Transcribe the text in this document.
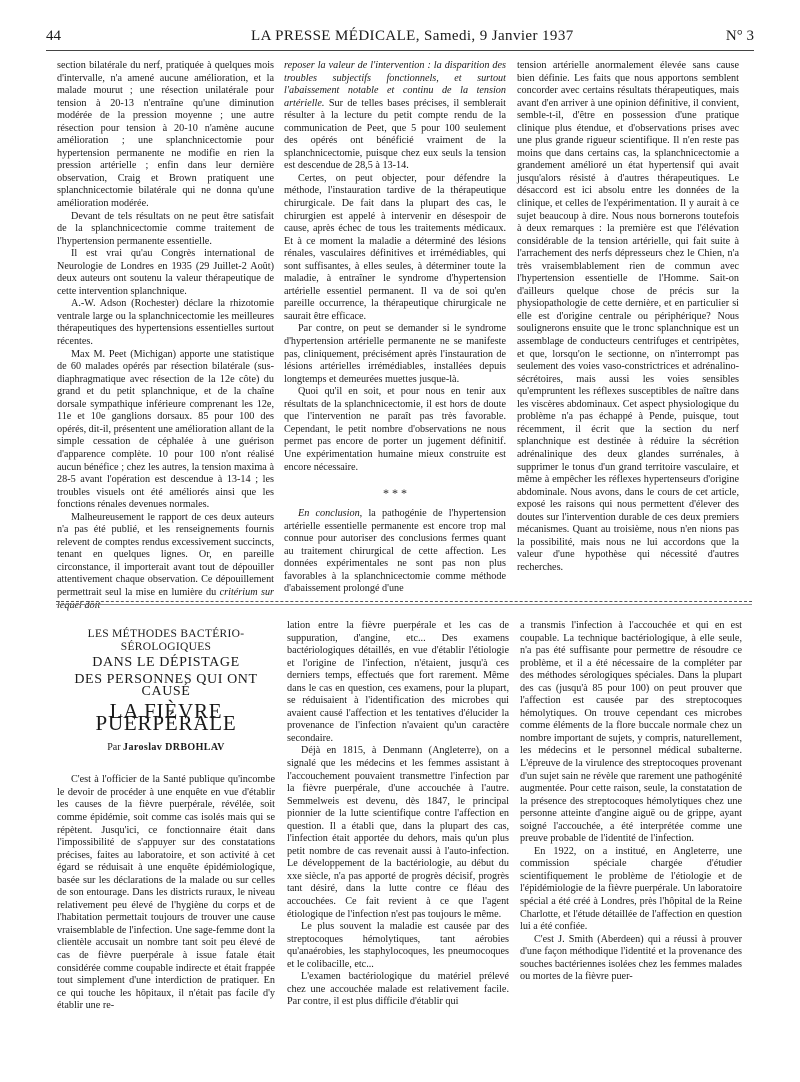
44	LA PRESSE MÉDICALE, Samedi, 9 Janvier 1937	N° 3

section bilatérale du nerf, pratiquée à quelques mois d'intervalle, n'a amené aucune amélioration, et la malade mourut ; une résection unilatérale pour tension à 20-13 n'entraîne qu'une diminution modérée de la pression moyenne ; une autre résection pour tension à 20-10 n'amène aucune amélioration ; une splanchnicectomie pour hypertension permanente ne modifie en rien la pression artérielle ; enfin dans leur dernière observation, Craig et Brown pratiquent une splanchnicectomie bilatérale qui ne donna qu'une amélioration modérée.

Devant de tels résultats on ne peut être satisfait de la splanchnicectomie comme traitement de l'hypertension permanente essentielle.

Il est vrai qu'au Congrès international de Neurologie de Londres en 1935 (29 Juillet-2 Août) deux auteurs ont soutenu la valeur thérapeutique de cette intervention splanchnique.

A.-W. Adson (Rochester) déclare la rhizotomie ventrale large ou la splanchnicectomie les meilleures thérapeutiques des hypertensions essentielles surtout récentes.

Max M. Peet (Michigan) apporte une statistique de 60 malades opérés par résection bilatérale (sus-diaphragmatique avec résection de la 12e côte) du grand et du petit splanchnique, et de la chaîne dorsale sympathique inférieure comprenant les 12e, 11e et 10e ganglions dorsaux. 85 pour 100 des opérés, dit-il, présentent une amélioration allant de la simple cessation de céphalée à une guérison d'apparence complète. 10 pour 100 n'ont réalisé aucun bénéfice ; chez les autres, la tension maxima à 28-5 avant l'opération est descendue à 13-14 ; les troubles visuels ont été améliorés ainsi que les fonctions rénales devenues normales.

Malheureusement le rapport de ces deux auteurs n'a pas été publié, et les renseignements fournis relevent de comptes rendus excessivement succincts, tenant en quelques lignes. Or, en pareille circonstance, il importerait avant tout de dépouiller attentivement chaque observation. Ce dépouillement permettrait seul la mise en lumière du critérium sur lequel doit

reposer la valeur de l'intervention : la disparition des troubles subjectifs fonctionnels, et surtout l'abaissement notable et continu de la tension artérielle. Sur de telles bases précises, il semblerait résulter à la lecture du petit compte rendu de la communication de Peet, que 5 pour 100 seulement des opérés ont bénéficié vraiment de la splanchnicectomie, puisque chez eux seuls la tension est descendue de 28,5 à 13-14.

Certes, on peut objecter, pour défendre la méthode, l'instauration tardive de la thérapeutique chirurgicale. De fait dans la plupart des cas, le chirurgien est appelé à intervenir en désespoir de cause, après échec de tous les traitements médicaux. Et à ce moment la maladie a déterminé des lésions rénales, vasculaires définitives et irrémédiables, qui sont suffisantes, à elles seules, à déterminer toute la maladie, à entraîner le syndrome d'hypertension artérielle essentiel permanent. Il va de soi qu'en pareille occurrence, la thérapeutique chirurgicale ne saurait être efficace.

Par contre, on peut se demander si le syndrome d'hypertension artérielle permanente ne se manifeste pas, cliniquement, précisément après l'instauration de lésions artérielles irrémédiables, installées depuis longtemps et demeurées muettes jusque-là.

Quoi qu'il en soit, et pour nous en tenir aux résultats de la splanchnicectomie, il est hors de doute que l'intervention ne paraît pas très favorable. Cependant, le petit nombre d'observations ne nous permet pas encore de porter un jugement définitif. Une expérimentation humaine mieux construite est encore nécessaire.

* * *

En conclusion, la pathogénie de l'hypertension artérielle essentielle permanente est encore trop mal connue pour autoriser des conclusions fermes quant au traitement chirurgical de cette affection. Les données expérimentales ne sont pas non plus favorables à la splanchnicectomie comme méthode d'abaissement prolongé d'une

tension artérielle anormalement élevée sans cause bien définie. Les faits que nous apportons semblent concorder avec certains résultats thérapeutiques, mais avant d'en arriver à une opinion définitive, il convient, semble-t-il, d'être en possession d'une pratique clinique plus étendue, et d'observations prises avec une plus grande rigueur scientifique. Il n'en reste pas moins que dans certains cas, la splanchnicectomie a grandement amélioré un état hypertensif qui avait jusqu'alors résisté à d'autres thérapeutiques. Le désaccord est ici absolu entre les données de la clinique, et celles de l'expérimentation. Il y aurait à ce sujet beaucoup à dire. Nous nous bornerons toutefois à deux remarques : la première est que l'élévation considérable de la tension artérielle, qui fait suite à l'arrachement des nerfs dépresseurs chez le Chien, n'a très vraisemblablement rien de commun avec l'hypertension essentielle de l'Homme. Sait-on d'ailleurs quelque chose de précis sur la physiopathologie de cette dernière, et en particulier si elle est d'origine centrale ou périphérique? Nous soulignerons ensuite que le tronc splanchnique est un assemblage de conducteurs centrifuges et centripètes, et que, lorsqu'on le sectionne, on n'interrompt pas seulement des voies vaso-constrictrices et adrénalino-sécrétoires, mais aussi les voies sensibles qu'empruntent les réflexes susceptibles de naître dans les viscères abdominaux. Cet aspect physiologique du problème n'a pas échappé à Pende, puisque, tout récemment, il écrit que la section du nerf splanchnique est destinée à réduire la sécrétion adrénalinique des deux glandes surrénales, à supprimer le tonus d'un grand territoire vasculaire, et même à empêcher les réflexes hypertenseurs d'origine abdominale. Nous avons, dans le cours de cet article, exposé les raisons qui nous permettent d'élever des doutes sur l'intervention durable de ces deux premiers mécanismes. Quant au troisième, nous n'en nions pas la possibilité, mais nous ne lui accordons que la valeur d'une hypothèse qui nécessité d'autres recherches.

LES MÉTHODES BACTÉRIO-SÉROLOGIQUES
DANS LE DÉPISTAGE
DES PERSONNES QUI ONT CAUSÉ
LA FIÈVRE PUERPÉRALE
Par Jaroslav DRBOHLAV

C'est à l'officier de la Santé publique qu'incombe le devoir de procéder à une enquête en vue d'établir les causes de la fièvre puerpérale, révélée, soit comme épidémie, soit comme cas isolés mais qui se répètent. Jusqu'ici, ce fonctionnaire était dans l'impossibilité de s'appuyer sur des constatations précises, faites au laboratoire, et son activité à cet égard se réduisait à une enquête épidémiologique, basée sur les déclarations de la malade ou sur celles de son entourage. Dans les districts ruraux, le niveau relativement peu élevé de l'hygiène du corps et de l'habitation permettait toujours de trouver une cause vraisemblable de l'infection. Une sage-femme dont la clientèle accusait un nombre tant soit peu élevé de cas de fièvre puerpérale à issue fatale était considérée comme coupable indirecte et était frappée tout simplement d'une interdiction de pratiquer. En ce qui touche les hôpitaux, il n'était pas facile d'y établir une re-

lation entre la fièvre puerpérale et les cas de suppuration, d'angine, etc... Des examens bactériologiques détaillés, en vue d'établir l'étiologie et l'origine de l'infection, n'étaient, jusqu'à ces derniers temps, effectués que fort rarement. Même dans le cas en question, ces examens, pour la plupart, se réduisaient à l'identification des microbes qui avaient causé l'affection et les tentatives d'élucider la provenance de l'infection n'avaient qu'un caractère secondaire.

Déjà en 1815, à Denmann (Angleterre), on a signalé que les médecins et les femmes assistant à l'accouchement pouvaient transmettre l'infection par la fièvre puerpérale, d'une accouchée à l'autre. Semmelweis est devenu, dès 1847, le principal pionnier de la lutte scientifique contre l'affection en question. Il a établi que, dans la plupart des cas, l'infection était apportée du dehors, mais qu'un plus petit nombre de cas revenait aussi à l'auto-infection. Le développement de la bactériologie, au début du xxe siècle, n'a pas apporté de progrès décisif, progrès tant désiré, dans la lutte contre ce fléau des accouchées. Ce fait revient à ce que l'agent étiologique de l'infection n'est pas toujours le même.

Le plus souvent la maladie est causée par des streptocoques hémolytiques, tant aérobies qu'anaérobies, les staphylocoques, les pneumocoques et le colibacille, etc...

L'examen bactériologique du matériel prélevé chez une accouchée malade est relativement facile. Par contre, il est plus difficile d'établir qui

a transmis l'infection à l'accouchée et qui en est coupable. La technique bactériologique, à elle seule, n'a pas été suffisante pour permettre de résoudre ce problème, et il a été nécessaire de la compléter par des méthodes sérologiques spéciales. Dans la plupart des cas (jusqu'à 85 pour 100) on peut prouver que l'affection est causée par des streptocoques hémolytiques. On trouve cependant ces microbes comme éléments de la flore buccale normale chez un nombre important de sujets, y compris, naturellement, les médecins et le personnel médical subalterne. L'épreuve de la virulence des streptocoques provenant d'un sujet sain ne révèle que rarement une pathogénité augmentée. Pour cette raison, seule, la constatation de la présence des streptocoques hémolytiques chez une personne atteinte d'angine aiguë ou de grippe, ayant soigné l'accouchée, a été interprétée comme une preuve probable de l'identité de l'infection.

En 1922, on a institué, en Angleterre, une commission spéciale chargée d'étudier scientifiquement le problème de l'étiologie et de l'épidémiologie de la fièvre puerpérale. Un laboratoire spécial a été créé à Londres, près l'hôpital de la Reine Charlotte, et l'étude détaillée de l'affection en question lui a été confiée.

C'est J. Smith (Aberdeen) qui a réussi à prouver d'une façon méthodique l'identité et la provenance des souches bactériennes isolées chez les femmes malades ou mortes de la fièvre puer-
